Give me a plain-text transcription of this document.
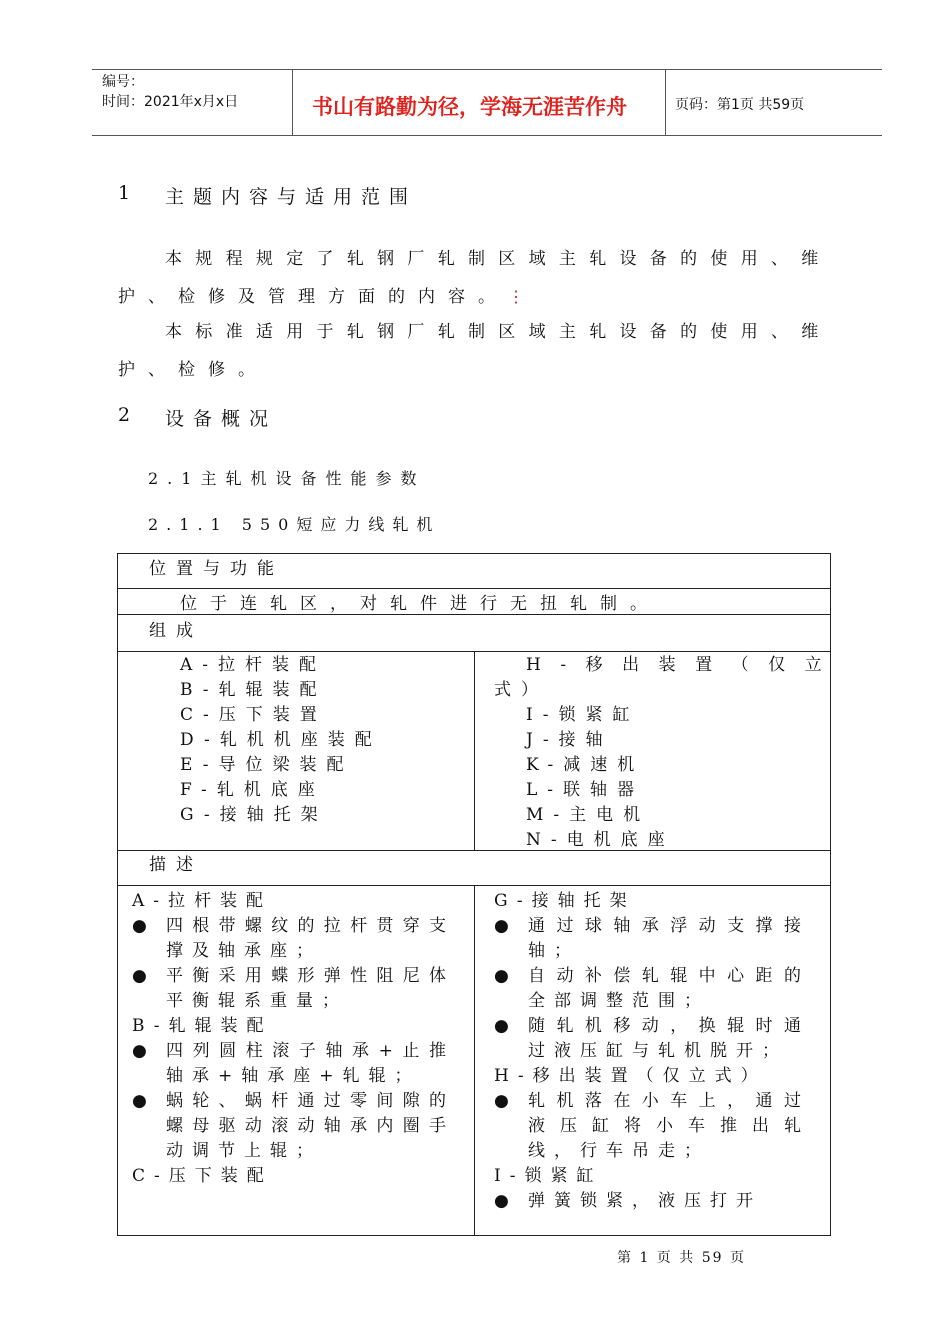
编号：
时间：2021年x月x日	书山有路勤为径，学海无涯苦作舟	页码：第1页 共59页
1 主题内容与适用范围
本规程规定了轧钢厂轧制区域主轧设备的使用、维
护、检修及管理方面的内容。⋮
本标准适用于轧钢厂轧制区域主轧设备的使用、维
护、检修。
2 设备概况
2.1主轧机设备性能参数
2.1.1 550短应力线轧机
位置与功能
位于连轧区，对轧件进行无扭轧制。
组成
A-拉杆装配
B-轧辊装配
C-压下装置
D-轧机机座装配
E-导位梁装配
F-轧机底座
G-接轴托架
H-移出装置（仅立
式）
I-锁紧缸
J-接轴
K-减速机
L-联轴器
M-主电机
N-电机底座
描述
A-拉杆装配
● 四根带螺纹的拉杆贯穿支撑及轴承座；
● 平衡采用蝶形弹性阻尼体平衡辊系重量；
B-轧辊装配
● 四列圆柱滚子轴承+止推轴承+轴承座+轧辊；
● 蜗轮、蜗杆通过零间隙的螺母驱动滚动轴承内圈手动调节上辊；
C-压下装配
G-接轴托架
● 通过球轴承浮动支撑接轴；
● 自动补偿轧辊中心距的全部调整范围；
● 随轧机移动，换辊时通过液压缸与轧机脱开；
H-移出装置（仅立式）
● 轧机落在小车上，通过液压缸将小车推出轧线，行车吊走；
I-锁紧缸
● 弹簧锁紧，液压打开
第 1 页 共 59 页
